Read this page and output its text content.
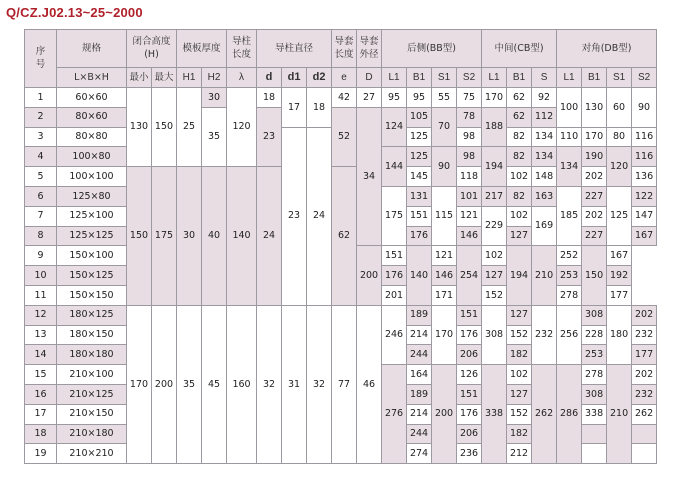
Q/CZ.J02.13~25~2000
序号	规格	闭合高度(H)		模板厚度		导柱长度	导柱直径			导套长度	导套外径	后侧(BB型)				中间(CB型)			对角(DB型)			
	L×B×H	最小	最大	H1	H2	λ	d	d1	d2	e	D	L1	B1	S1	S2	L1	B1	S	L1	B1	S1	S2
1	60×60	130	150	25	30	120	18	17	18	42	27	95	95	55	75	170	62	92	100	130	60	90
2	80×60				35		23			52	34	124	105	70	78	188	62	112				
3	80×80							23	24				125		98		82	134	110	170	80	116
4	100×80											144	125	90	98	194	82	134	134	190	120	116
5	100×100	150	175	30	40	140	24			62			145		118		102	148		202		136
6	125×80											175	131	115	101	217	82	163	185	227	125	122
7	125×100												151		121	229	102	169		202		147
8	125×125												176		146		127			227		167
9	150×100										200	151	140	121	254	102	194	210	252	150	167	
10	150×125											176		146		127			253		192	
11	150×150											201		171		152			278		177	
12	180×125	170	200	35	45	160	32	31	32	77	46	246	189	170	151	308	127	232	256	308	180	202
13	180×150												214		176		152			228		232
14	180×180												244		206		182			253		177
15	210×100											276	164	200	126	338	102	262	286	278	210	202
16	210×125												189		151		127			308		232
17	210×150												214		176		152			338		262
18	210×180												244		206		182					
19	210×210												274		236		212					
